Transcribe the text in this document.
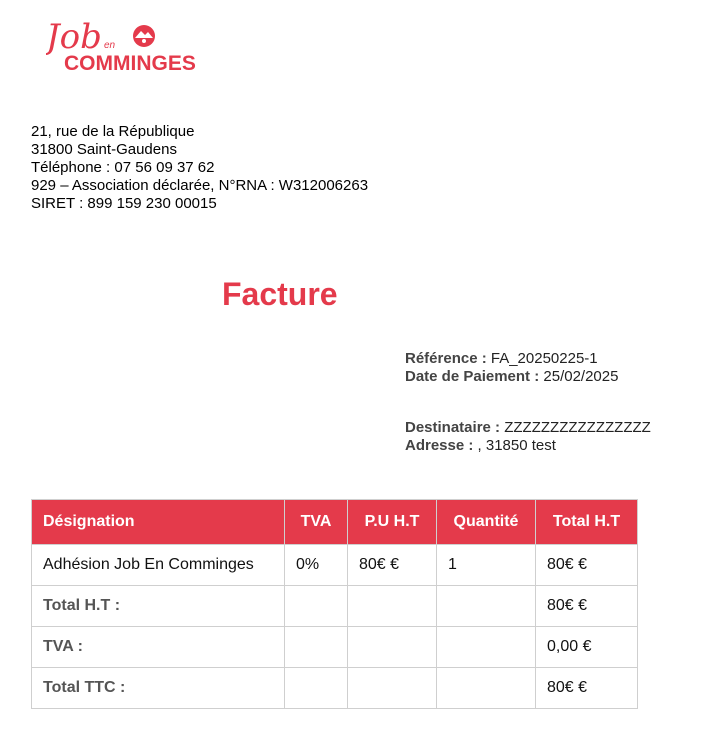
Job en
COMMINGES
21, rue de la République
31800 Saint-Gaudens
Téléphone : 07 56 09 37 62
929 – Association déclarée, N°RNA : W312006263
SIRET : 899 159 230 00015
Facture
Référence : FA_20250225-1
Date de Paiement : 25/02/2025
Destinataire : ZZZZZZZZZZZZZZZZ
Adresse : , 31850 test
Désignation	TVA	P.U H.T	Quantité	Total H.T
Adhésion Job En Comminges	0%	80€ €	1	80€ €
Total H.T :				80€ €
TVA :				0,00 €
Total TTC :				80€ €
